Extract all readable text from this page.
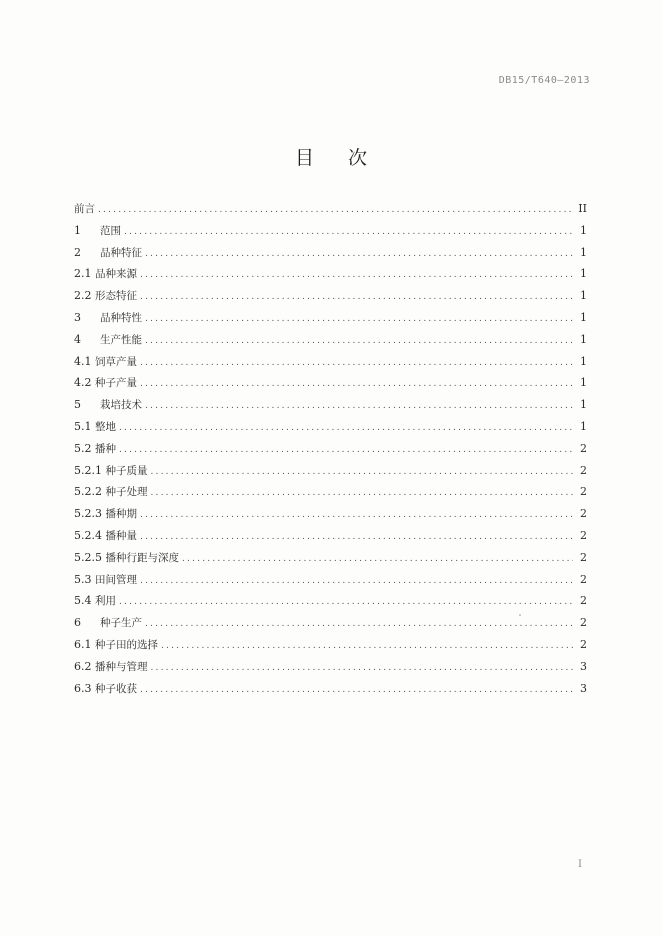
DB15/T640—2013
目次
前言 .....	II
1	范围 .....	1
2	品种特征 .....	1
2.1 品种来源 .....	1
2.2 形态特征 .....	1
3	品种特性 .....	1
4	生产性能 .....	1
4.1 饲草产量 .....	1
4.2 种子产量 .....	1
5	栽培技术 .....	1
5.1 整地 .....	1
5.2 播种 .....	2
5.2.1 种子质量 .....	2
5.2.2 种子处理 .....	2
5.2.3 播种期 .....	2
5.2.4 播种量 .....	2
5.2.5 播种行距与深度 .....	2
5.3 田间管理 .....	2
5.4 利用 .....	2
6	种子生产 .....	2
6.1 种子田的选择 .....	2
6.2 播种与管理 .....	3
6.3 种子收获 .....	3
I
